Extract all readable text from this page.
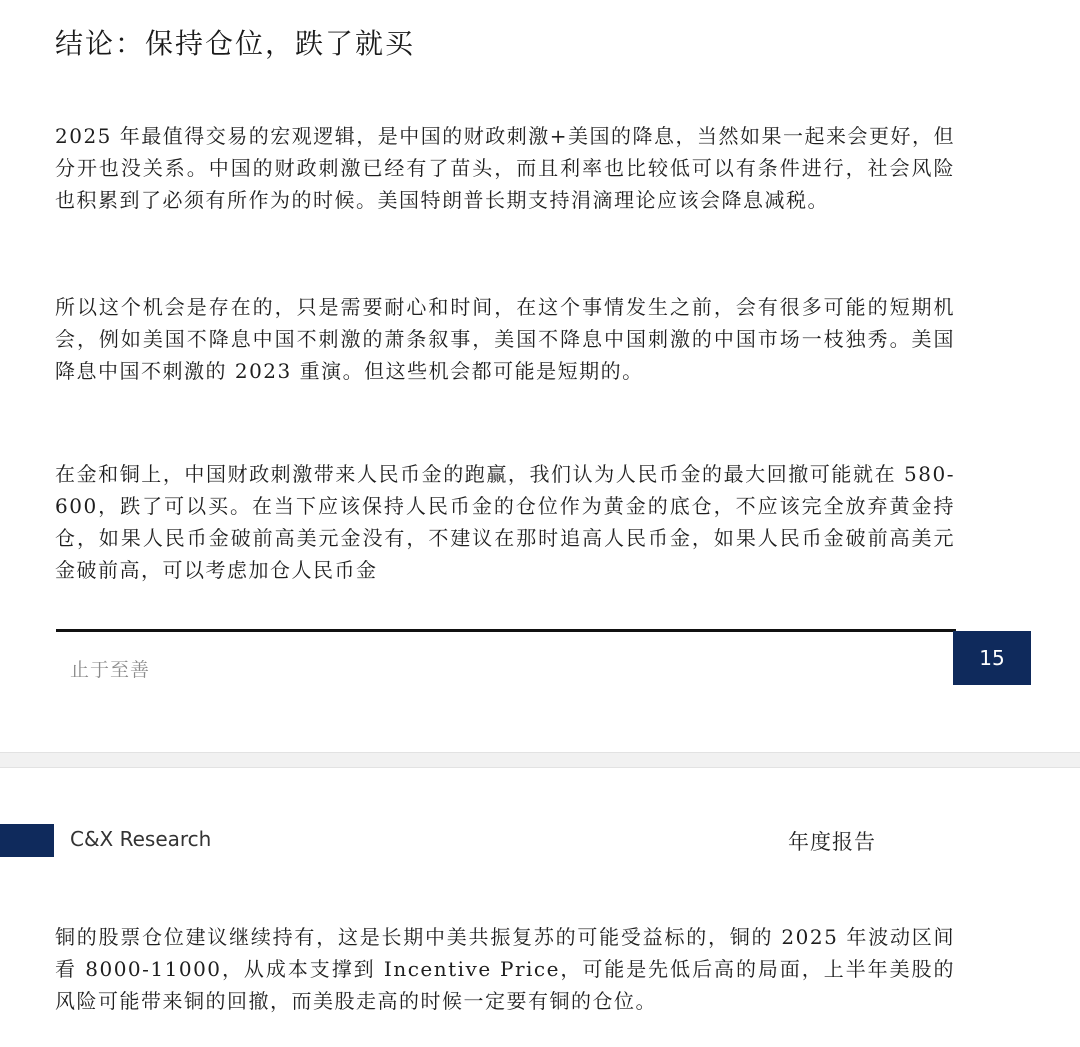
结论：保持仓位，跌了就买

2025 年最值得交易的宏观逻辑，是中国的财政刺激+美国的降息，当然如果一起来会更好，但分开也没关系。中国的财政刺激已经有了苗头，而且利率也比较低可以有条件进行，社会风险也积累到了必须有所作为的时候。美国特朗普长期支持涓滴理论应该会降息减税。

所以这个机会是存在的，只是需要耐心和时间，在这个事情发生之前，会有很多可能的短期机会，例如美国不降息中国不刺激的萧条叙事，美国不降息中国刺激的中国市场一枝独秀。美国降息中国不刺激的 2023 重演。但这些机会都可能是短期的。

在金和铜上，中国财政刺激带来人民币金的跑赢，我们认为人民币金的最大回撤可能就在 580-600，跌了可以买。在当下应该保持人民币金的仓位作为黄金的底仓，不应该完全放弃黄金持仓，如果人民币金破前高美元金没有，不建议在那时追高人民币金，如果人民币金破前高美元金破前高，可以考虑加仓人民币金

止于至善	15
C&X Research	年度报告

铜的股票仓位建议继续持有，这是长期中美共振复苏的可能受益标的，铜的 2025 年波动区间看 8000-11000，从成本支撑到 Incentive Price，可能是先低后高的局面，上半年美股的风险可能带来铜的回撤，而美股走高的时候一定要有铜的仓位。
